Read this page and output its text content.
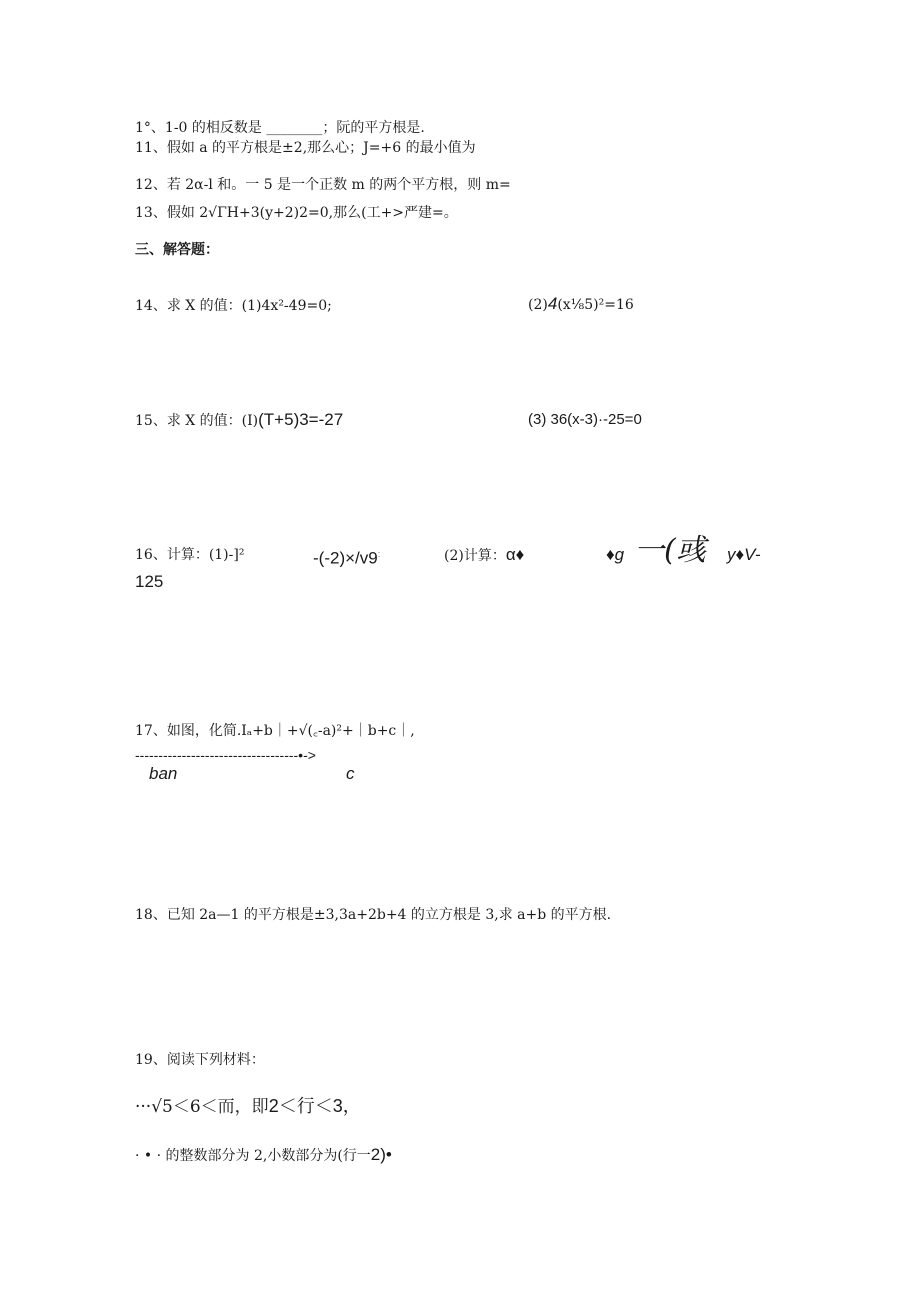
1°、1-0 的相反数是 ________；阮的平方根是.
11、假如 a 的平方根是±2,那么心；J=+6 的最小值为
12、若 2α-l 和。一 5 是一个正数 m 的两个平方根，则 m=
13、假如 2√ΓH+3(y+2)2=0,那么(工+>严建=。
三、解答题：
14、求 X 的值：(1)4x²-49=0;	(2)4(x⅛5)²=16
15、求 X 的值：(I)(T+5)3=-27	(3) 36(x-3)·-25=0
16、计算：(1)-]²	$-(-2)\times/v9^ː$	(2)计算：α♦	♦g 一(彧 y♦V-
125
17、如图，化简.Iₐ+b｜+√(꜀-a)²+｜b+c｜,
-----------------------------------•->
ban	c
18、已知 2a—1 的平方根是±3,3a+2b+4 的立方根是 3,求 a+b 的平方根.
19、阅读下列材料：
···√5＜6＜而，即2＜行＜3，
· • · 的整数部分为 2,小数部分为(行一2)•
